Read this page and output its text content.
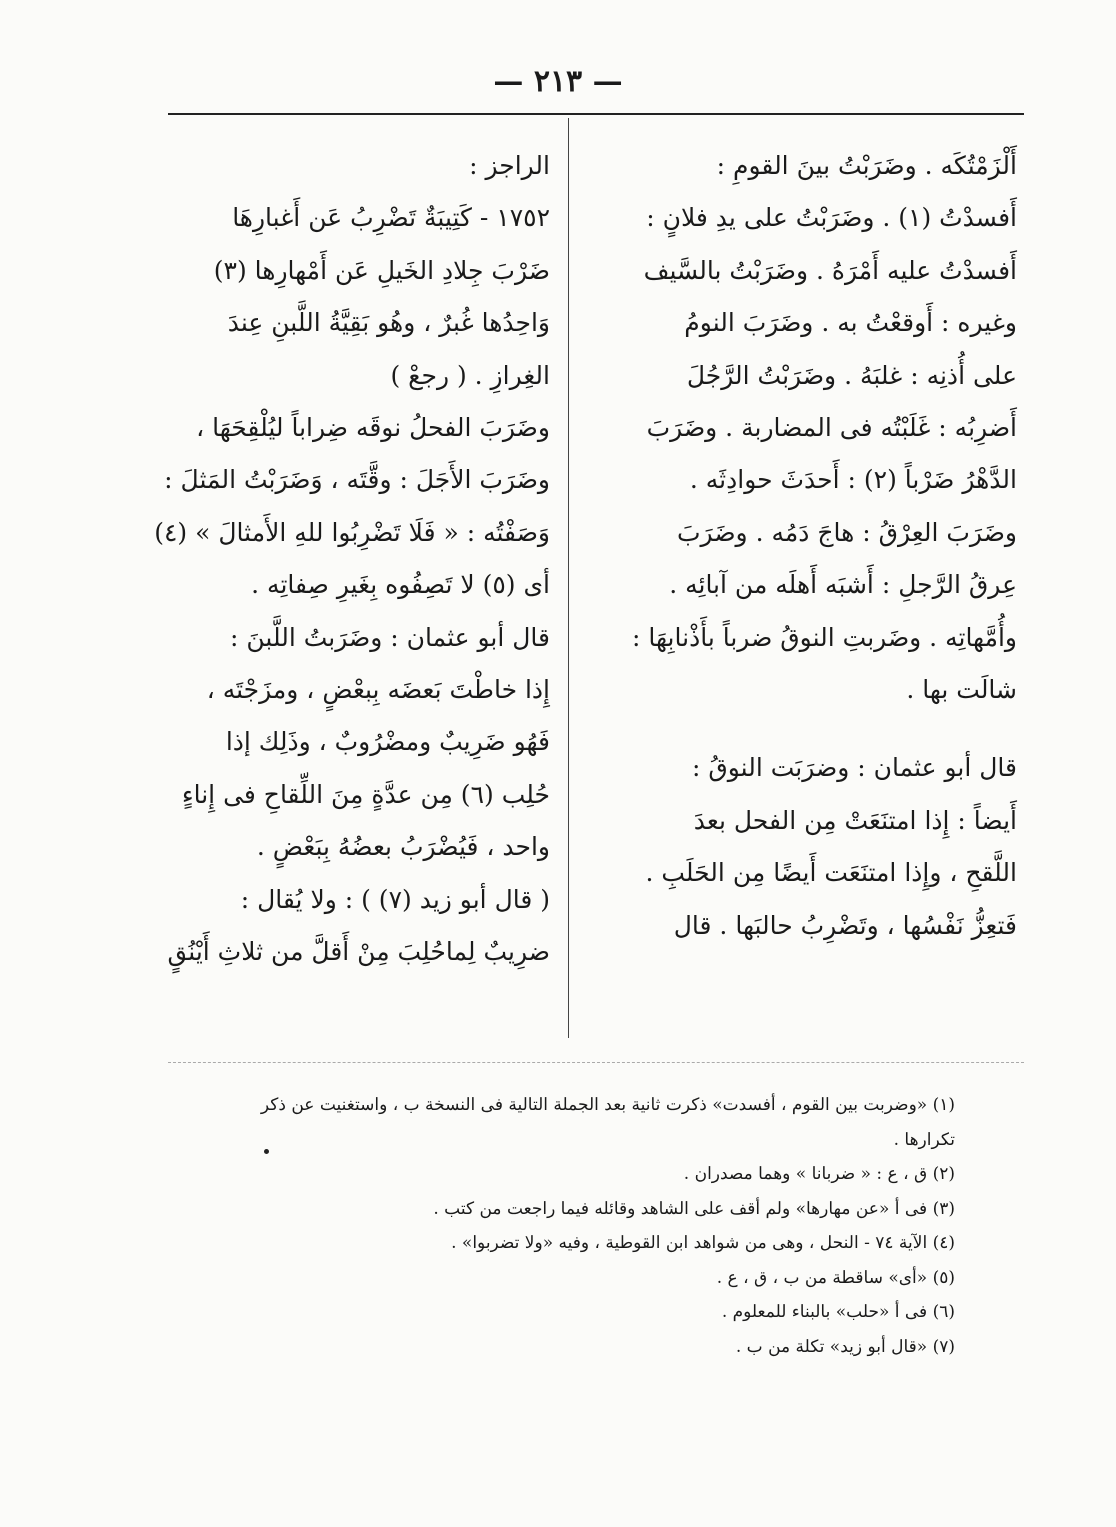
— ٢١٣ —

أَلْزَمْتُكَه . وضَرَبْتُ بينَ القومِ :
أَفسدْتُ (١) . وضَرَبْتُ على يدِ فلانٍ :
أَفسدْتُ عليه أَمْرَهُ . وضَرَبْتُ بالسَّيف
وغيره : أَوقعْتُ به . وضَرَبَ النومُ
على أُذنِه : غلبَهُ . وضَرَبْتُ الرَّجُلَ
أَضرِبُه : غَلَبْتُه فى المضاربة . وضَرَبَ
الدَّهْرُ ضَرْباً (٢) : أَحدَثَ حوادِثَه .
وضَرَبَ العِرْقُ : هاجَ دَمُه . وضَرَبَ
عِرقُ الرَّجلِ : أَشبَه أَهلَه من آبائِه .
وأُمَّهاتِه . وضَربتِ النوقُ ضرباً بأَذْنابِهَا :
شالَت بها .

قال أبو عثمان : وضرَبَت النوقُ :
أَيضاً : إِذا امتنَعَتْ مِن الفحل بعدَ
اللَّقحِ ، وإِذا امتنَعَت أَيضًا مِن الحَلَبِ .
فَتعِزُّ نَفْسُها ، وتَضْرِبُ حالبَها . قال

الراجز :

١٧٥٢ - كَتِيبَةٌ تَضْرِبُ عَن أَغبارِهَا
ضَرْبَ جِلادِ الخَيلِ عَن أَمْهارِها (٣)

وَاحِدُها غُبرٌ ، وهُو بَقِيَّةُ اللَّبنِ عِندَ
الغِرازِ . ( رجعْ )

وضَرَبَ الفحلُ نوقَه ضِراباً ليُلْقِحَهَا ،
وضَرَبَ الأَجَلَ : وقَّتَه ، وَضَرَبْتُ المَثلَ :
وَصَفْتُه : « فَلَا تَضْرِبُوا للهِ الأَمثالَ » (٤)
أى (٥) لا تَصِفُوه بِغَيرِ صِفاتِه .

قال أبو عثمان : وضَرَبتُ اللَّبنَ :
إِذا خاطْتَ بَعضَه بِبعْضٍ ، ومزَجْتَه ،
فَهُو ضَرِيبٌ ومضْرُوبٌ ، وذَلِك إذا
حُلِب (٦) مِن عدَّةٍ مِنَ اللِّقاحِ فى إِناءٍ
واحد ، فَيُضْرَبُ بعضُهُ بِبَعْضٍ .

( قال أبو زيد (٧) ) : ولا يُقال :
ضرِيبٌ لِماحُلِبَ مِنْ أَقلَّ من ثلاثِ أَيْنُقٍ

(١) «وضربت بين القوم ، أفسدت» ذكرت ثانية بعد الجملة التالية فى النسخة ب ، واستغنيت عن ذكر
تكرارها .
(٢) ق ، ع : « ضربانا » وهما مصدران .
(٣) فى أ «عن مهارها» ولم أقف على الشاهد وقائله فيما راجعت من كتب .
(٤) الآية ٧٤ - النحل ، وهى من شواهد ابن القوطية ، وفيه «ولا تضربوا» .
(٥) «أى» ساقطة من ب ، ق ، ع .
(٦) فى أ «حلب» بالبناء للمعلوم .
(٧) «قال أبو زيد» تكلة من ب .
